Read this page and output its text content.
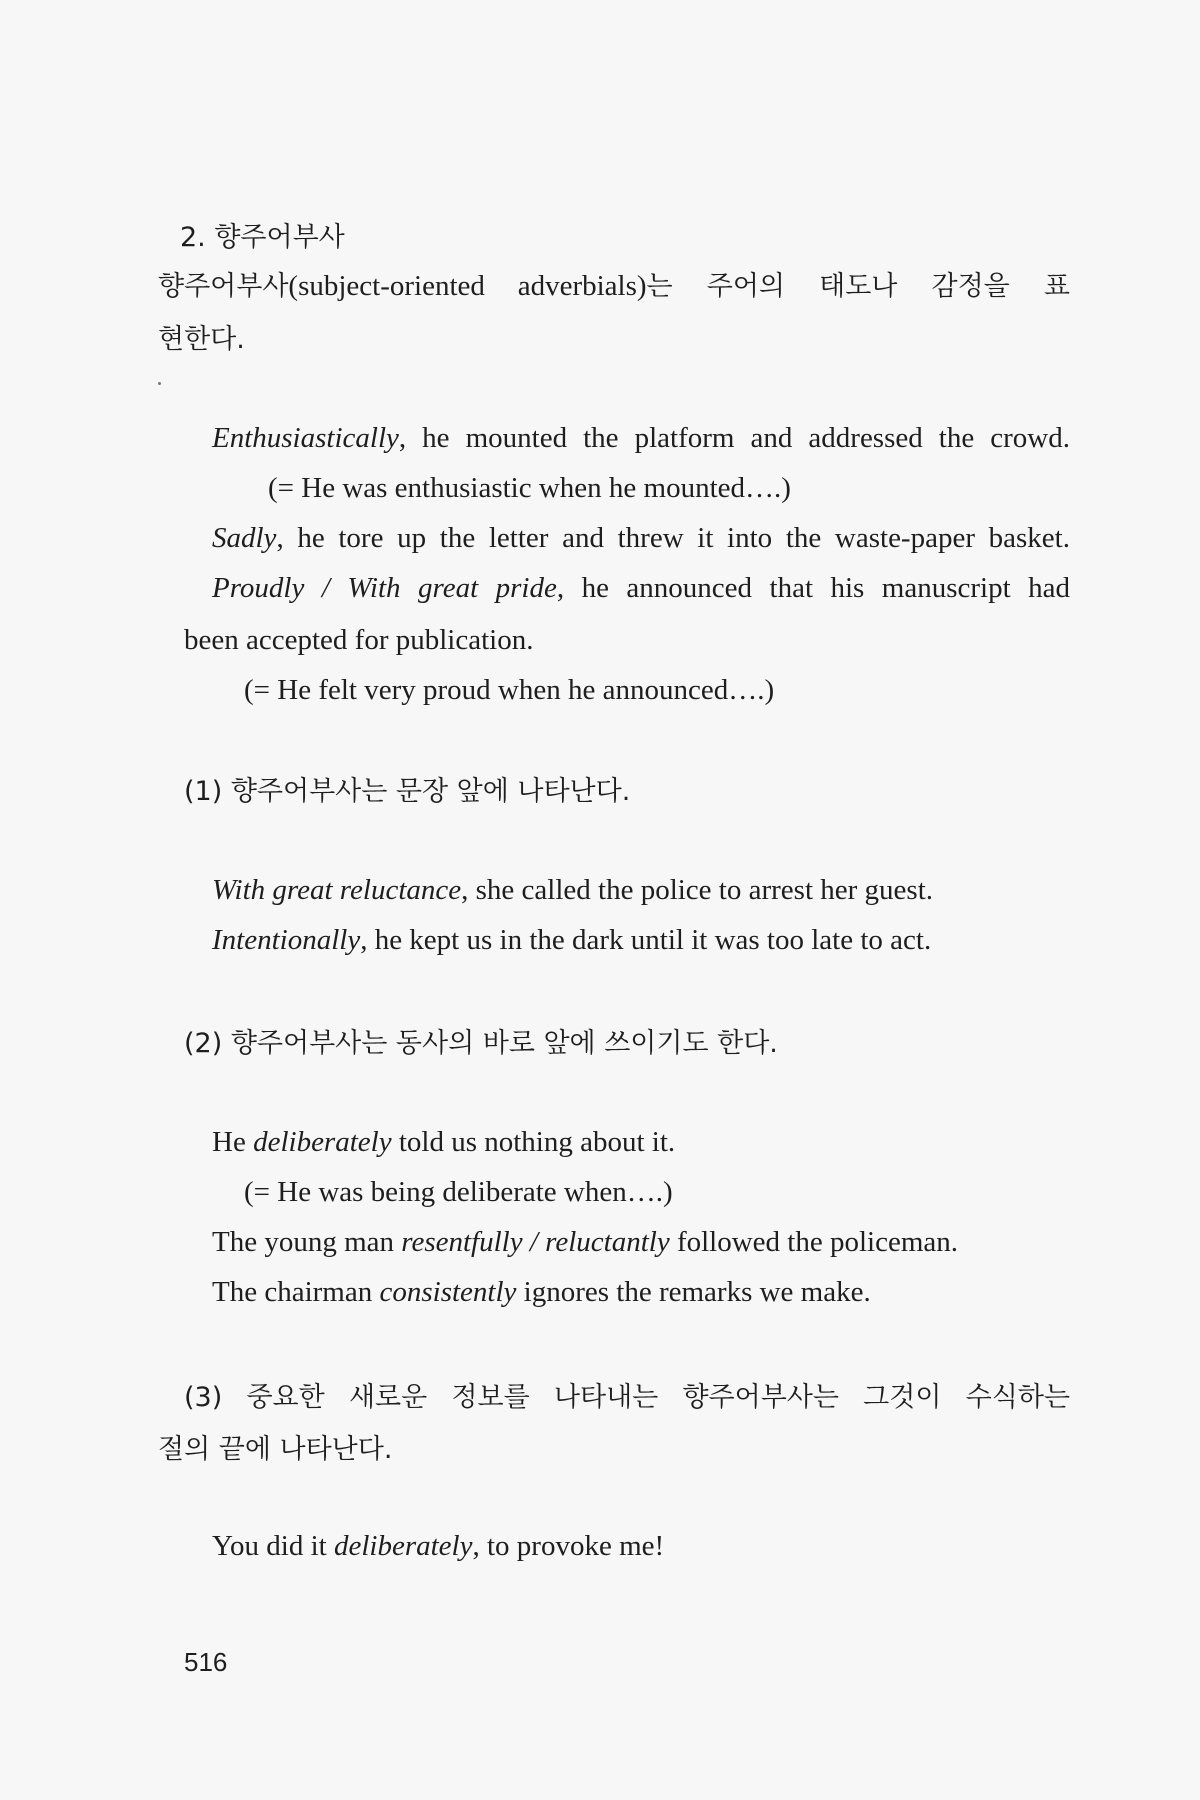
2. 향주어부사
향주어부사(subject-oriented adverbials)는 주어의 태도나 감정을 표
현한다.
Enthusiastically, he mounted the platform and addressed the crowd.
(= He was enthusiastic when he mounted….)
Sadly, he tore up the letter and threw it into the waste-paper basket.
Proudly / With great pride, he announced that his manuscript had
been accepted for publication.
(= He felt very proud when he announced….)
(1) 향주어부사는 문장 앞에 나타난다.
With great reluctance, she called the police to arrest her guest.
Intentionally, he kept us in the dark until it was too late to act.
(2) 향주어부사는 동사의 바로 앞에 쓰이기도 한다.
He deliberately told us nothing about it.
(= He was being deliberate when….)
The young man resentfully / reluctantly followed the policeman.
The chairman consistently ignores the remarks we make.
(3) 중요한 새로운 정보를 나타내는 향주어부사는 그것이 수식하는
절의 끝에 나타난다.
You did it deliberately, to provoke me!
516
